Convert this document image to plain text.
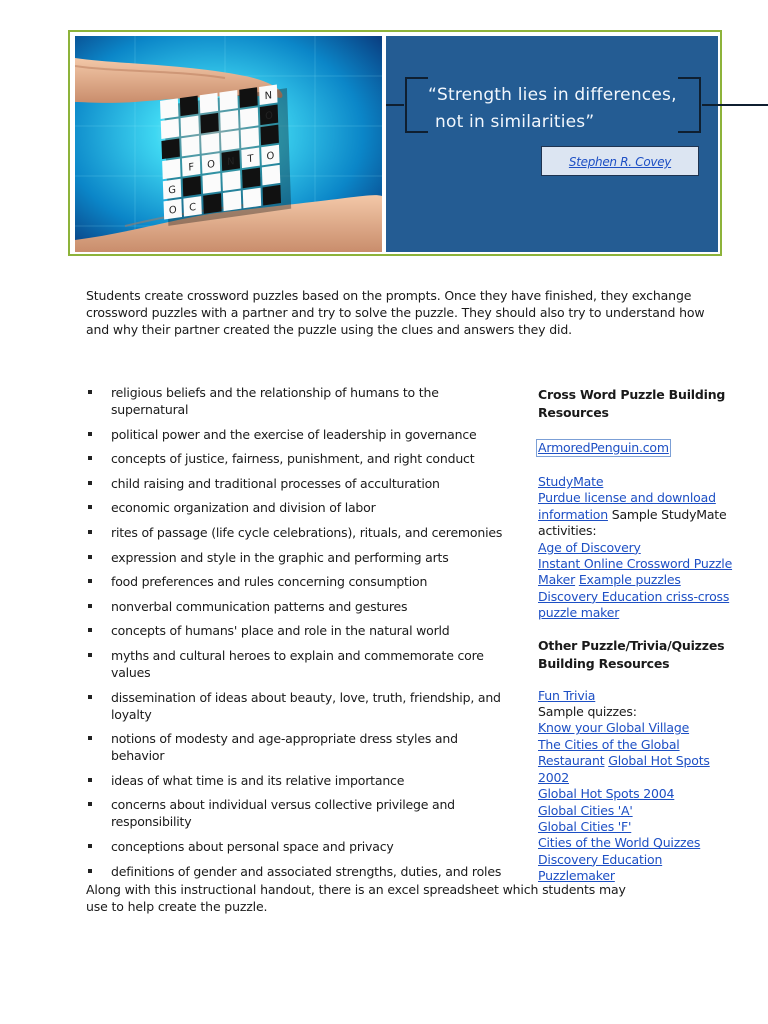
N
O
F O N T O
G
O C
“Strength lies in differences,
not in similarities”
Stephen R. Covey

Students create crossword puzzles based on the prompts. Once they have finished, they exchange crossword puzzles with a partner and try to solve the puzzle. They should also try to understand how and why their partner created the puzzle using the clues and answers they did.

religious beliefs and the relationship of humans to the supernatural
political power and the exercise of leadership in governance
concepts of justice, fairness, punishment, and right conduct
child raising and traditional processes of acculturation
economic organization and division of labor
rites of passage (life cycle celebrations), rituals, and ceremonies
expression and style in the graphic and performing arts
food preferences and rules concerning consumption
nonverbal communication patterns and gestures
concepts of humans' place and role in the natural world
myths and cultural heroes to explain and commemorate core values
dissemination of ideas about beauty, love, truth, friendship, and loyalty
notions of modesty and age-appropriate dress styles and behavior
ideas of what time is and its relative importance
concerns about individual versus collective privilege and responsibility
conceptions about personal space and privacy
definitions of gender and associated strengths, duties, and roles
Cross Word Puzzle Building Resources
ArmoredPenguin.com
StudyMate
Purdue license and download information Sample StudyMate activities:
Age of Discovery
Instant Online Crossword Puzzle Maker Example puzzles
Discovery Education criss-cross puzzle maker
Other Puzzle/Trivia/Quizzes Building Resources
Fun Trivia
Sample quizzes:
Know your Global Village
The Cities of the Global Restaurant Global Hot Spots 2002
Global Hot Spots 2004
Global Cities 'A'
Global Cities 'F'
Cities of the World Quizzes
Discovery Education Puzzlemaker

Along with this instructional handout, there is an excel spreadsheet which students may use to help create the puzzle.
